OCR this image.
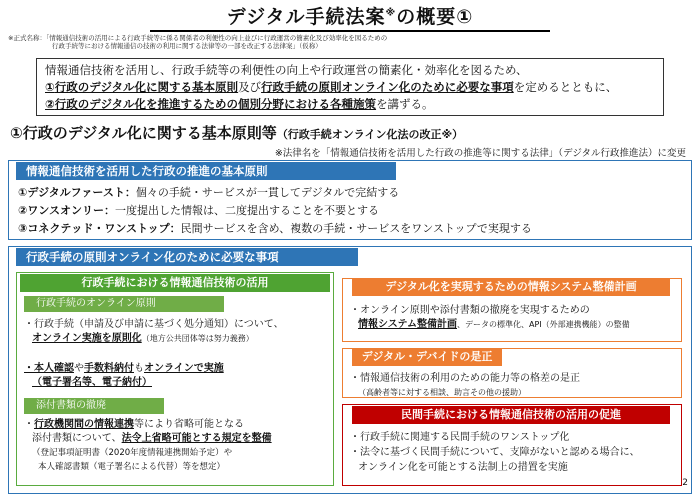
デジタル手続法案※の概要①
※正式名称：「情報通信技術の活用による行政手続等に係る関係者の利便性の向上並びに行政運営の簡素化及び効率化を図るための
行政手続等における情報通信の技術の利用に関する法律等の一部を改正する法律案」（仮称）
情報通信技術を活用し、行政手続等の利便性の向上や行政運営の簡素化・効率化を図るため、
①行政のデジタル化に関する基本原則及び行政手続の原則オンライン化のために必要な事項を定めるとともに、
②行政のデジタル化を推進するための個別分野における各種施策を講ずる。
①行政のデジタル化に関する基本原則等（行政手続オンライン化法の改正※）
※法律名を「情報通信技術を活用した行政の推進等に関する法律」（デジタル行政推進法）に変更
情報通信技術を活用した行政の推進の基本原則
①デジタルファースト：個々の手続・サービスが一貫してデジタルで完結する
②ワンスオンリー：一度提出した情報は、二度提出することを不要とする
③コネクテッド・ワンストップ：民間サービスを含め、複数の手続・サービスをワンストップで実現する
行政手続の原則オンライン化のために必要な事項
行政手続における情報通信技術の活用
行政手続のオンライン原則
・行政手続（申請及び申請に基づく処分通知）について、
オンライン実施を原則化（地方公共団体等は努力義務）
・本人確認や手数料納付もオンラインで実施
（電子署名等、電子納付）
添付書類の撤廃
・行政機関間の情報連携等により省略可能となる
添付書類について、法令上省略可能とする規定を整備
（登記事項証明書（2020年度情報連携開始予定）や
本人確認書類（電子署名による代替）等を想定）
デジタル化を実現するための情報システム整備計画
・オンライン原則や添付書類の撤廃を実現するための
情報システム整備計画、データの標準化、API（外部連携機能）の整備
デジタル・デバイドの是正
・情報通信技術の利用のための能力等の格差の是正
（高齢者等に対する相談、助言その他の援助）
民間手続における情報通信技術の活用の促進
・行政手続に関連する民間手続のワンストップ化
・法令に基づく民間手続について、支障がないと認める場合に、
オンライン化を可能とする法制上の措置を実施
2
